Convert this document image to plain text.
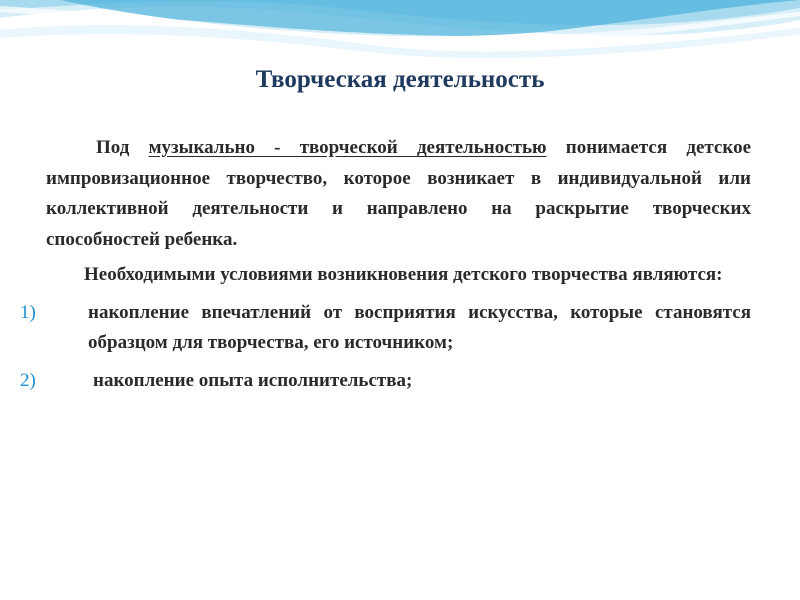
Творческая деятельность

Под музыкально - творческой деятельностью понимается детское импровизационное творчество, которое возникает в индивидуальной или коллективной деятельности и направлено на раскрытие творческих способностей ребенка.

Необходимыми условиями возникновения детского творчества являются:

1)	накопление впечатлений от восприятия искусства, которые становятся образцом для творчества, его источником;
2)	накопление опыта исполнительства;
